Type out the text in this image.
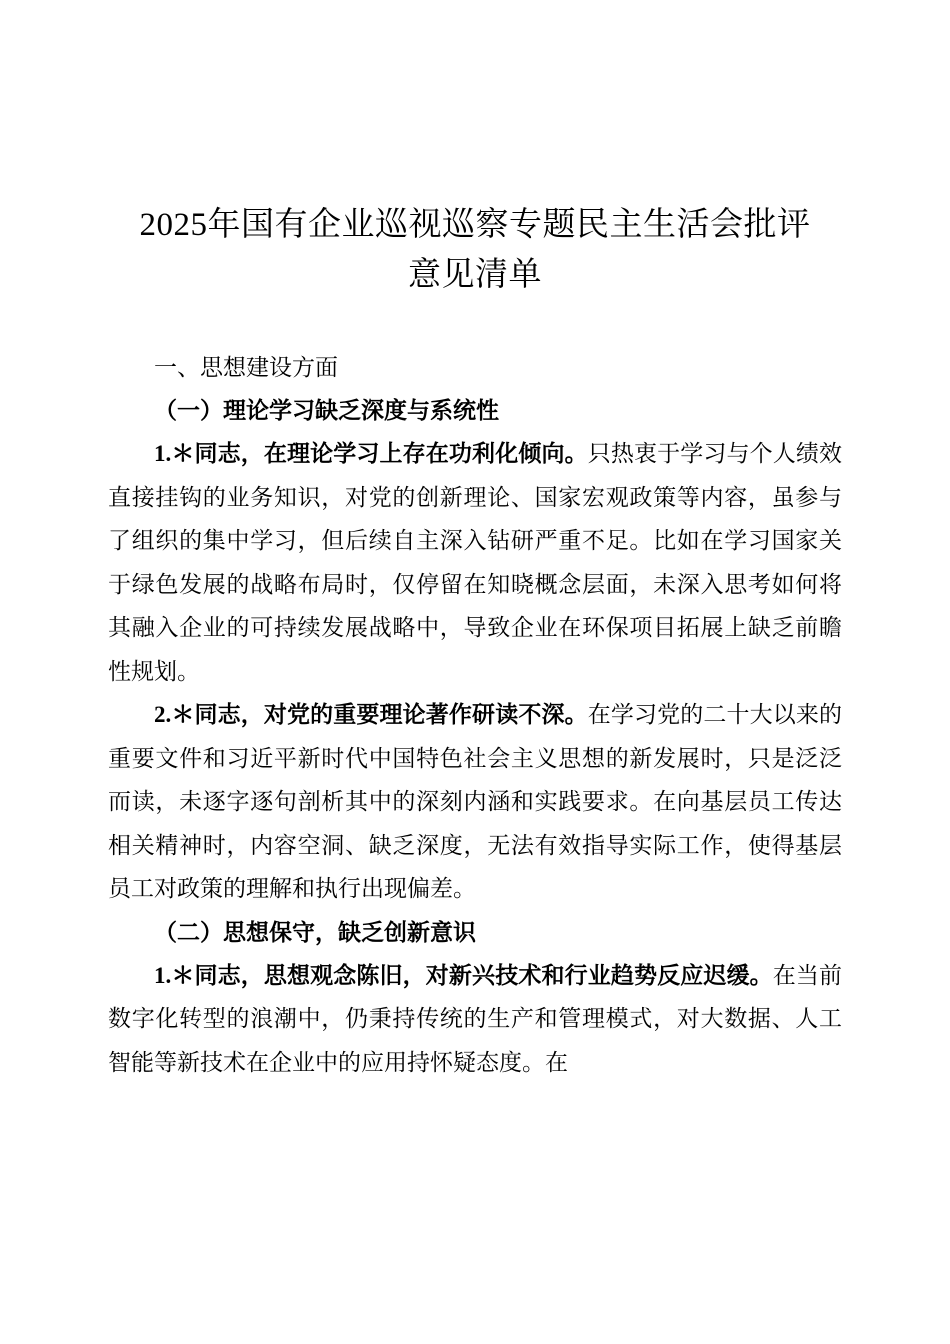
2025年国有企业巡视巡察专题民主生活会批评意见清单

一、思想建设方面

（一）理论学习缺乏深度与系统性

1.＊同志，在理论学习上存在功利化倾向。只热衷于学习与个人绩效直接挂钩的业务知识，对党的创新理论、国家宏观政策等内容，虽参与了组织的集中学习，但后续自主深入钻研严重不足。比如在学习国家关于绿色发展的战略布局时，仅停留在知晓概念层面，未深入思考如何将其融入企业的可持续发展战略中，导致企业在环保项目拓展上缺乏前瞻性规划。

2.＊同志，对党的重要理论著作研读不深。在学习党的二十大以来的重要文件和习近平新时代中国特色社会主义思想的新发展时，只是泛泛而读，未逐字逐句剖析其中的深刻内涵和实践要求。在向基层员工传达相关精神时，内容空洞、缺乏深度，无法有效指导实际工作，使得基层员工对政策的理解和执行出现偏差。

（二）思想保守，缺乏创新意识

1.＊同志，思想观念陈旧，对新兴技术和行业趋势反应迟缓。在当前数字化转型的浪潮中，仍秉持传统的生产和管理模式，对大数据、人工智能等新技术在企业中的应用持怀疑态度。在
